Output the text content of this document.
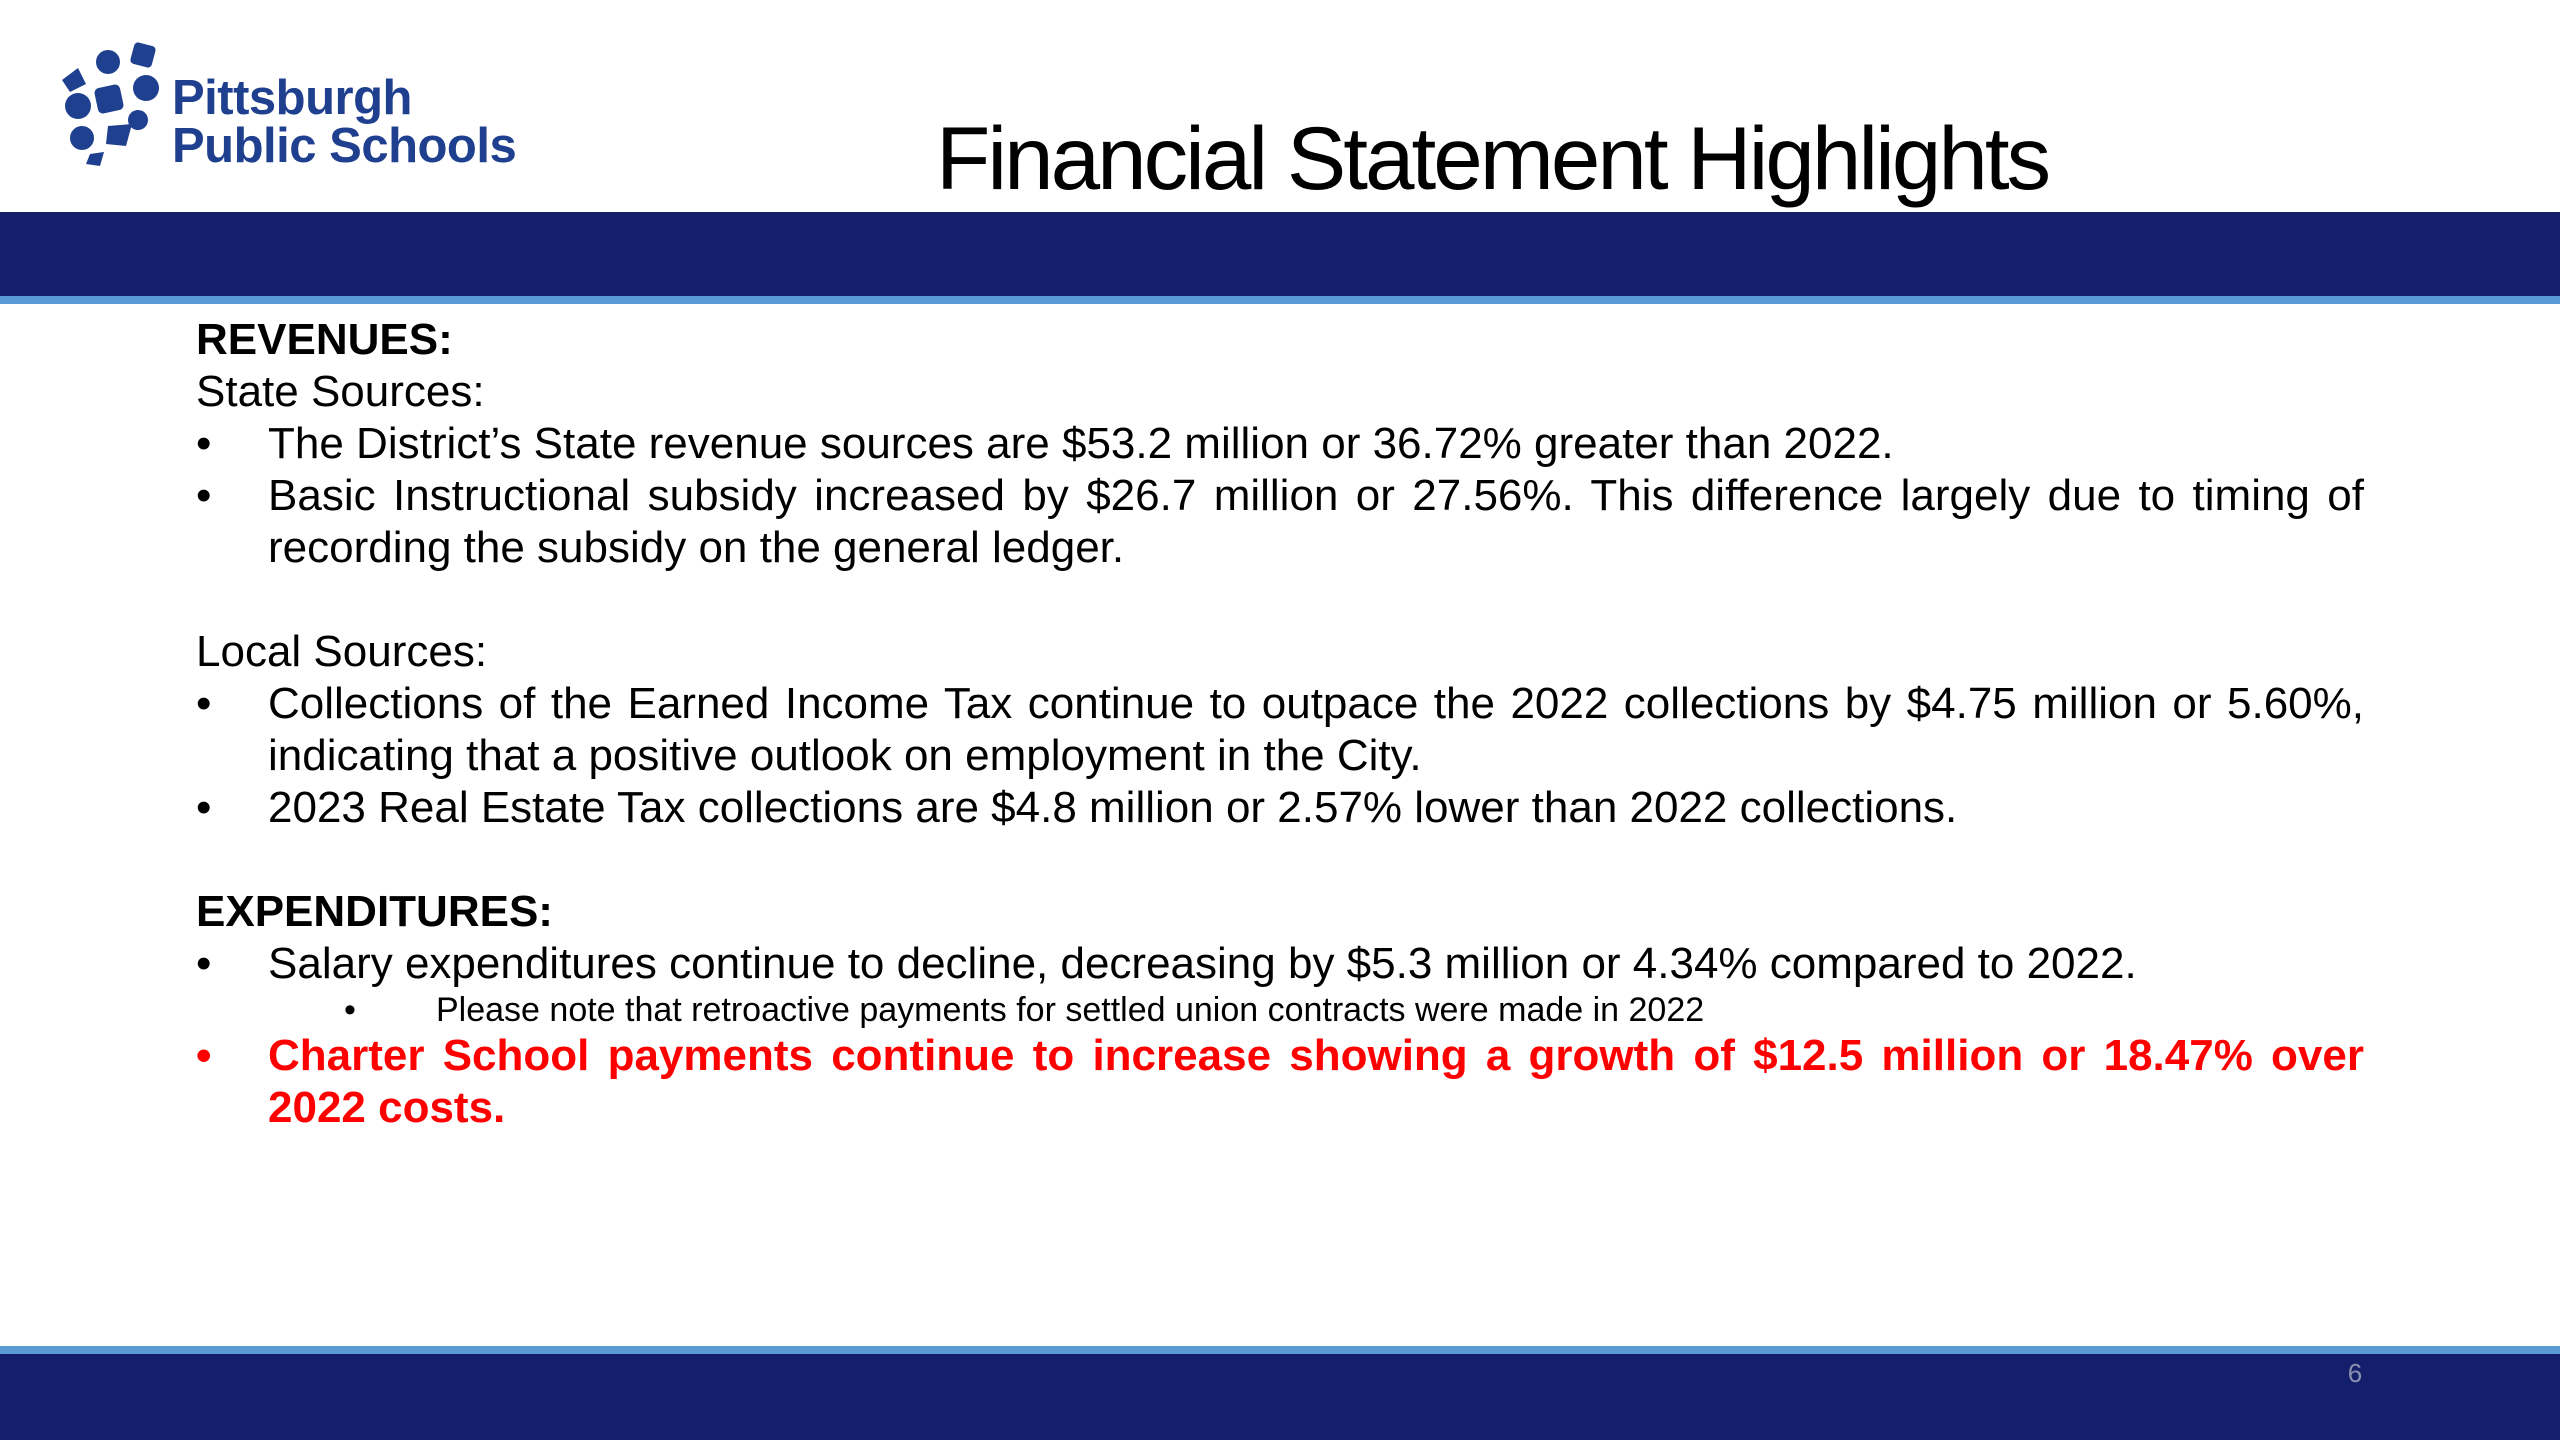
Pittsburgh
Public Schools	Financial Statement Highlights
REVENUES:
State Sources:
• The District’s State revenue sources are $53.2 million or 36.72% greater than 2022.
• Basic Instructional subsidy increased by $26.7 million or 27.56%. This difference largely due to timing of recording the subsidy on the general ledger.
Local Sources:
• Collections of the Earned Income Tax continue to outpace the 2022 collections by $4.75 million or 5.60%, indicating that a positive outlook on employment in the City.
• 2023 Real Estate Tax collections are $4.8 million or 2.57% lower than 2022 collections.
EXPENDITURES:
• Salary expenditures continue to decline, decreasing by $5.3 million or 4.34% compared to 2022.
• Please note that retroactive payments for settled union contracts were made in 2022
• Charter School payments continue to increase showing a growth of $12.5 million or 18.47% over 2022 costs.
6
